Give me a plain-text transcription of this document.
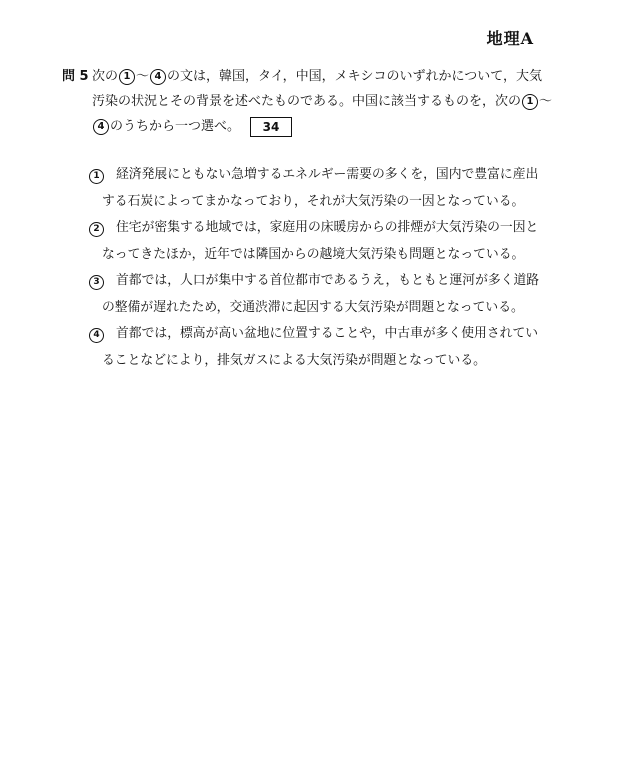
地理A
問 5 次の 1 〜 4 の文は，韓国，タイ，中国，メキシコのいずれかについて，大気
汚染の状況とその背景を述べたものである。中国に該当するものを，次の 1 〜
4 のうちから一つ選べ。 34
1	経済発展にともない急増するエネルギー需要の多くを，国内で豊富に産出
する石炭によってまかなっており，それが大気汚染の一因となっている。
2	住宅が密集する地域では，家庭用の床暖房からの排煙が大気汚染の一因と
なってきたほか，近年では隣国からの越境大気汚染も問題となっている。
3	首都では，人口が集中する首位都市であるうえ，もともと運河が多く道路
の整備が遅れたため，交通渋滞に起因する大気汚染が問題となっている。
4	首都では，標高が高い盆地に位置することや，中古車が多く使用されてい
ることなどにより，排気ガスによる大気汚染が問題となっている。
